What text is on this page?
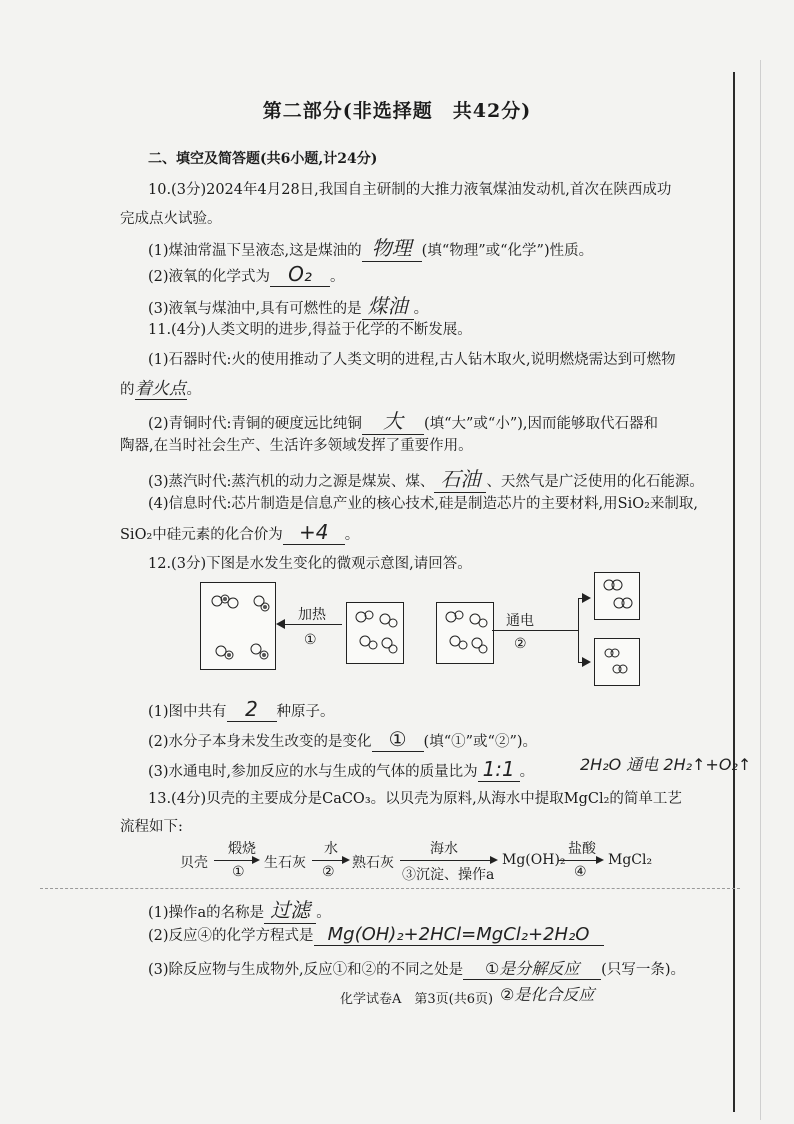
第二部分(非选择题　共42分)
二、填空及简答题(共6小题,计24分)
10.(3分)2024年4月28日,我国自主研制的大推力液氧煤油发动机,首次在陕西成功
完成点火试验。
(1)煤油常温下呈液态,这是煤油的 物理 (填“物理”或“化学”)性质。
(2)液氧的化学式为 O₂ 。
(3)液氧与煤油中,具有可燃性的是 煤油 。
11.(4分)人类文明的进步,得益于化学的不断发展。
(1)石器时代:火的使用推动了人类文明的进程,古人钻木取火,说明燃烧需达到可燃物
的着火点。
(2)青铜时代:青铜的硬度远比纯铜 大 (填“大”或“小”),因而能够取代石器和
陶器,在当时社会生产、生活许多领域发挥了重要作用。
(3)蒸汽时代:蒸汽机的动力之源是煤炭、煤、 石油 、天然气是广泛使用的化石能源。
(4)信息时代:芯片制造是信息产业的核心技术,硅是制造芯片的主要材料,用SiO₂来制取,
SiO₂中硅元素的化合价为 +4 。
12.(3分)下图是水发生变化的微观示意图,请回答。
加热
①
通电
②
(1)图中共有 2 种原子。
(2)水分子本身未发生改变的是变化 ① (填“①”或“②”)。
(3)水通电时,参加反应的水与生成的气体的质量比为 1:1 。	2H₂O 通电 2H₂↑+O₂↑
13.(4分)贝壳的主要成分是CaCO₃。以贝壳为原料,从海水中提取MgCl₂的简单工艺
流程如下:
贝壳
煅烧
①
生石灰
水
②
熟石灰
海水
③沉淀、操作a
Mg(OH)₂
盐酸
④
MgCl₂
(1)操作a的名称是 过滤 。
(2)反应④的化学方程式是 Mg(OH)₂+2HCl=MgCl₂+2H₂O
(3)除反应物与生成物外,反应①和②的不同之处是 ①是分解反应 (只写一条)。
化学试卷A　第3页(共6页) ②是化合反应
